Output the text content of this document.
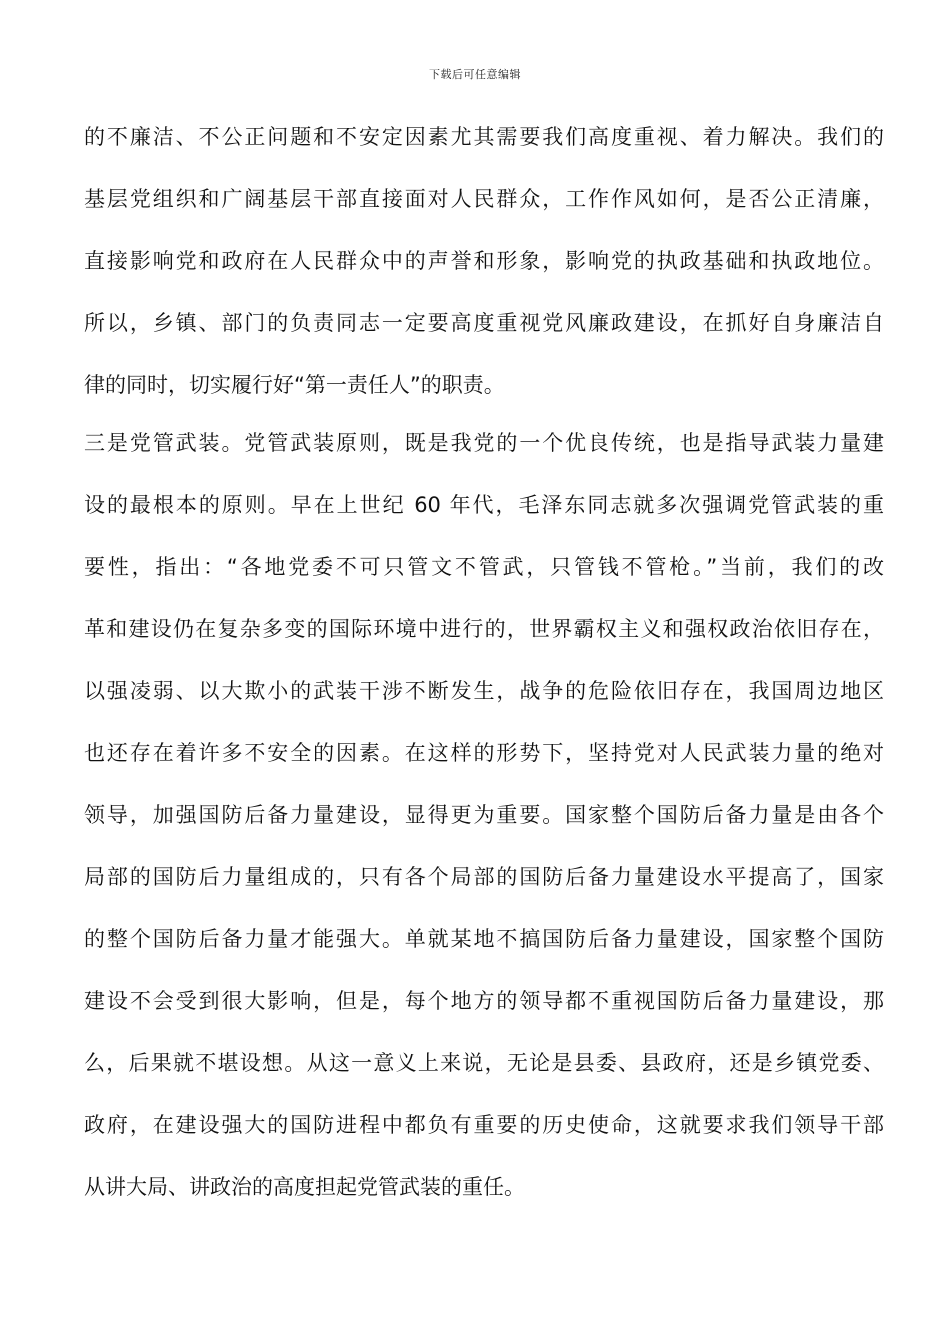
下载后可任意编辑
的不廉洁、不公正问题和不安定因素尤其需要我们高度重视、着力解决。我们的
基层党组织和广阔基层干部直接面对人民群众，工作作风如何，是否公正清廉，
直接影响党和政府在人民群众中的声誉和形象，影响党的执政基础和执政地位。
所以，乡镇、部门的负责同志一定要高度重视党风廉政建设，在抓好自身廉洁自
律的同时，切实履行好“第一责任人”的职责。
三是党管武装。党管武装原则，既是我党的一个优良传统，也是指导武装力量建
设的最根本的原则。早在上世纪 60 年代，毛泽东同志就多次强调党管武装的重
要性，指出：“各地党委不可只管文不管武，只管钱不管枪。”当前，我们的改
革和建设仍在复杂多变的国际环境中进行的，世界霸权主义和强权政治依旧存在，
以强凌弱、以大欺小的武装干涉不断发生，战争的危险依旧存在，我国周边地区
也还存在着许多不安全的因素。在这样的形势下，坚持党对人民武装力量的绝对
领导，加强国防后备力量建设，显得更为重要。国家整个国防后备力量是由各个
局部的国防后力量组成的，只有各个局部的国防后备力量建设水平提高了，国家
的整个国防后备力量才能强大。单就某地不搞国防后备力量建设，国家整个国防
建设不会受到很大影响，但是，每个地方的领导都不重视国防后备力量建设，那
么，后果就不堪设想。从这一意义上来说，无论是县委、县政府，还是乡镇党委、
政府，在建设强大的国防进程中都负有重要的历史使命，这就要求我们领导干部
从讲大局、讲政治的高度担起党管武装的重任。
